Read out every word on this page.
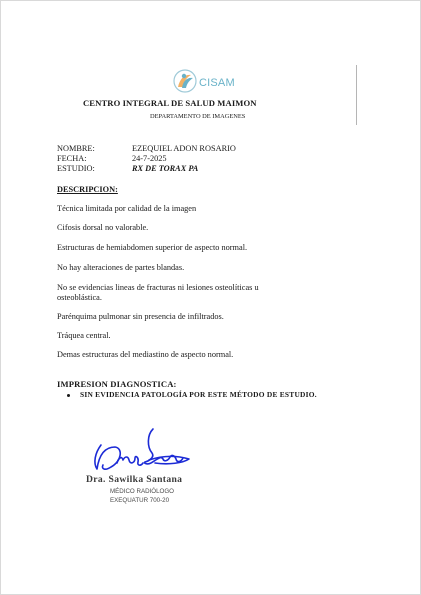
CISAM
CENTRO INTEGRAL DE SALUD MAIMON
DEPARTAMENTO DE IMAGENES
NOMBRE:	EZEQUIEL ADON ROSARIO
FECHA:	24-7-2025
ESTUDIO:	RX DE TORAX PA
DESCRIPCION:
Técnica limitada por calidad de la imagen
Cifosis dorsal no valorable.
Estructuras de hemiabdomen superior de aspecto normal.
No hay alteraciones de partes blandas.
No se evidencias lineas de fracturas ni lesiones osteolíticas u
osteoblástica.
Parénquima pulmonar sin presencia de infiltrados.
Tráquea central.
Demas estructuras del mediastino de aspecto normal.
IMPRESION DIAGNOSTICA:
SIN EVIDENCIA PATOLOGÍA POR ESTE MÉTODO DE ESTUDIO.
Dra. Sawilka Santana
MÉDICO RADIÓLOGO
EXEQUATUR 700-20
